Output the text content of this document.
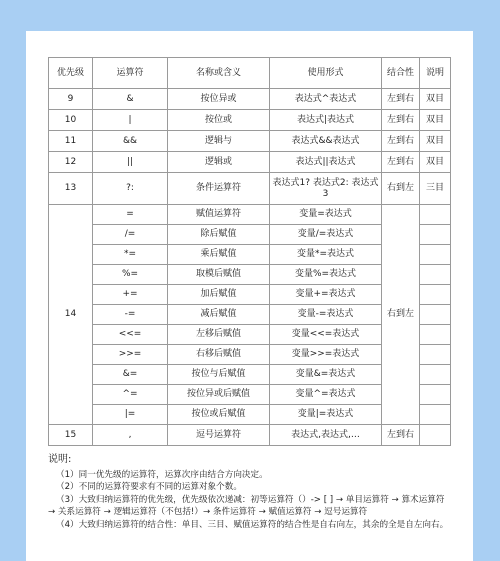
优先级	运算符	名称或含义	使用形式	结合性	说明
9	&	按位异或	表达式^表达式	左到右	双目
10	|	按位或	表达式|表达式	左到右	双目
11	&&	逻辑与	表达式&&表达式	左到右	双目
12	||	逻辑或	表达式||表达式	左到右	双目
13	?:	条件运算符	表达式1? 表达式2: 表达式3	右到左	三目
14	=	赋值运算符	变量=表达式	右到左	
	/=	除后赋值	变量/=表达式		
	*=	乘后赋值	变量*=表达式		
	%=	取模后赋值	变量%=表达式		
	+=	加后赋值	变量+=表达式		
	-=	减后赋值	变量-=表达式		
	<<=	左移后赋值	变量<<=表达式		
	>>=	右移后赋值	变量>>=表达式		
	&=	按位与后赋值	变量&=表达式		
	^=	按位异或后赋值	变量^=表达式		
	|=	按位或后赋值	变量|=表达式		
15	,	逗号运算符	表达式,表达式,…	左到右	
说明:
（1）同一优先级的运算符，运算次序由结合方向决定。
（2）不同的运算符要求有不同的运算对象个数。
（3）大致归纳运算符的优先级，优先级依次递减：初等运算符（）-> [ ] → 单目运算符 → 算术运算符 → 关系运算符 → 逻辑运算符（不包括!）→ 条件运算符 → 赋值运算符 → 逗号运算符
（4）大致归纳运算符的结合性：单目、三目、赋值运算符的结合性是自右向左，其余的全是自左向右。
